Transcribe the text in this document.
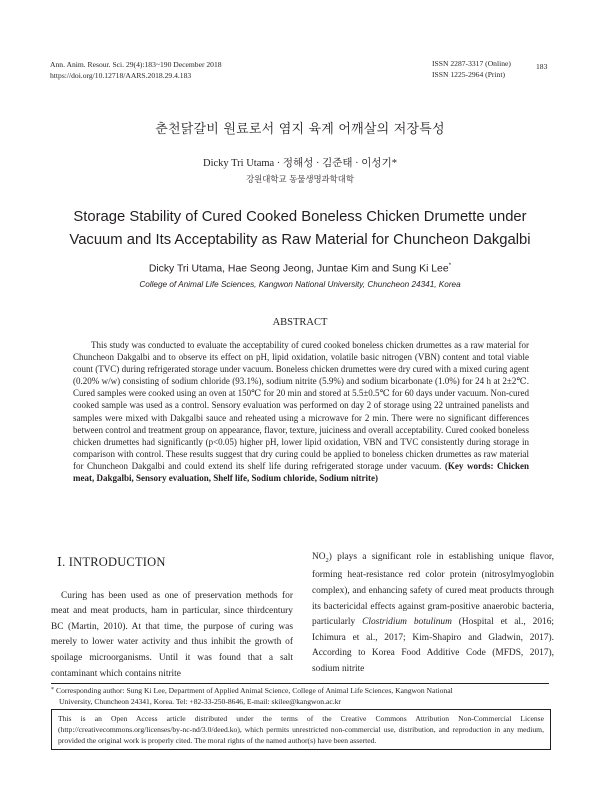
Ann. Anim. Resour. Sci. 29(4):183~190 December 2018
https://doi.org/10.12718/AARS.2018.29.4.183
ISSN 2287-3317 (Online)
ISSN 1225-2964 (Print)
183
춘천닭갈비 원료로서 염지 육계 어깨살의 저장특성
Dicky Tri Utama · 정해성 · 김준태 · 이성기*
강원대학교 동물생명과학대학
Storage Stability of Cured Cooked Boneless Chicken Drumette under
Vacuum and Its Acceptability as Raw Material for Chuncheon Dakgalbi
Dicky Tri Utama, Hae Seong Jeong, Juntae Kim and Sung Ki Lee*
College of Animal Life Sciences, Kangwon National University, Chuncheon 24341, Korea
ABSTRACT

This study was conducted to evaluate the acceptability of cured cooked boneless chicken drumettes as a raw material for Chuncheon Dakgalbi and to observe its effect on pH, lipid oxidation, volatile basic nitrogen (VBN) content and total viable count (TVC) during refrigerated storage under vacuum. Boneless chicken drumettes were dry cured with a mixed curing agent (0.20% w/w) consisting of sodium chloride (93.1%), sodium nitrite (5.9%) and sodium bicarbonate (1.0%) for 24 h at 2±2℃. Cured samples were cooked using an oven at 150℃ for 20 min and stored at 5.5±0.5℃ for 60 days under vacuum. Non-cured cooked sample was used as a control. Sensory evaluation was performed on day 2 of storage using 22 untrained panelists and samples were mixed with Dakgalbi sauce and reheated using a microwave for 2 min. There were no significant differences between control and treatment group on appearance, flavor, texture, juiciness and overall acceptability. Cured cooked boneless chicken drumettes had significantly (p<0.05) higher pH, lower lipid oxidation, VBN and TVC consistently during storage in comparison with control. These results suggest that dry curing could be applied to boneless chicken drumettes as raw material for Chuncheon Dakgalbi and could extend its shelf life during refrigerated storage under vacuum. (Key words: Chicken meat, Dakgalbi, Sensory evaluation, Shelf life, Sodium chloride, Sodium nitrite)

Ⅰ. INTRODUCTION

Curing has been used as one of preservation methods for meat and meat products, ham in particular, since thirdcentury BC (Martin, 2010). At that time, the purpose of curing was merely to lower water activity and thus inhibit the growth of spoilage microorganisms. Until it was found that a salt contaminant which contains nitrite

$NO_2$) plays a significant role in establishing unique flavor, forming heat-resistance red color protein (nitrosylmyoglobin complex), and enhancing safety of cured meat products through its bactericidal effects against gram-positive anaerobic bacteria, particularly Clostridium botulinum (Hospital et al., 2016; Ichimura et al., 2017; Kim-Shapiro and Gladwin, 2017). According to Korea Food Additive Code (MFDS, 2017), sodium nitrite

* Corresponding author: Sung Ki Lee, Department of Applied Animal Science, College of Animal Life Sciences, Kangwon National
University, Chuncheon 24341, Korea. Tel: +82-33-250-8646, E-mail: skilee@kangwon.ac.kr
This is an Open Access article distributed under the terms of the Creative Commons Attribution Non-Commercial License (http://creativecommons.org/licenses/by-nc-nd/3.0/deed.ko), which permits unrestricted non-commercial use, distribution, and reproduction in any medium, provided the original work is properly cited. The moral rights of the named author(s) have been asserted.
